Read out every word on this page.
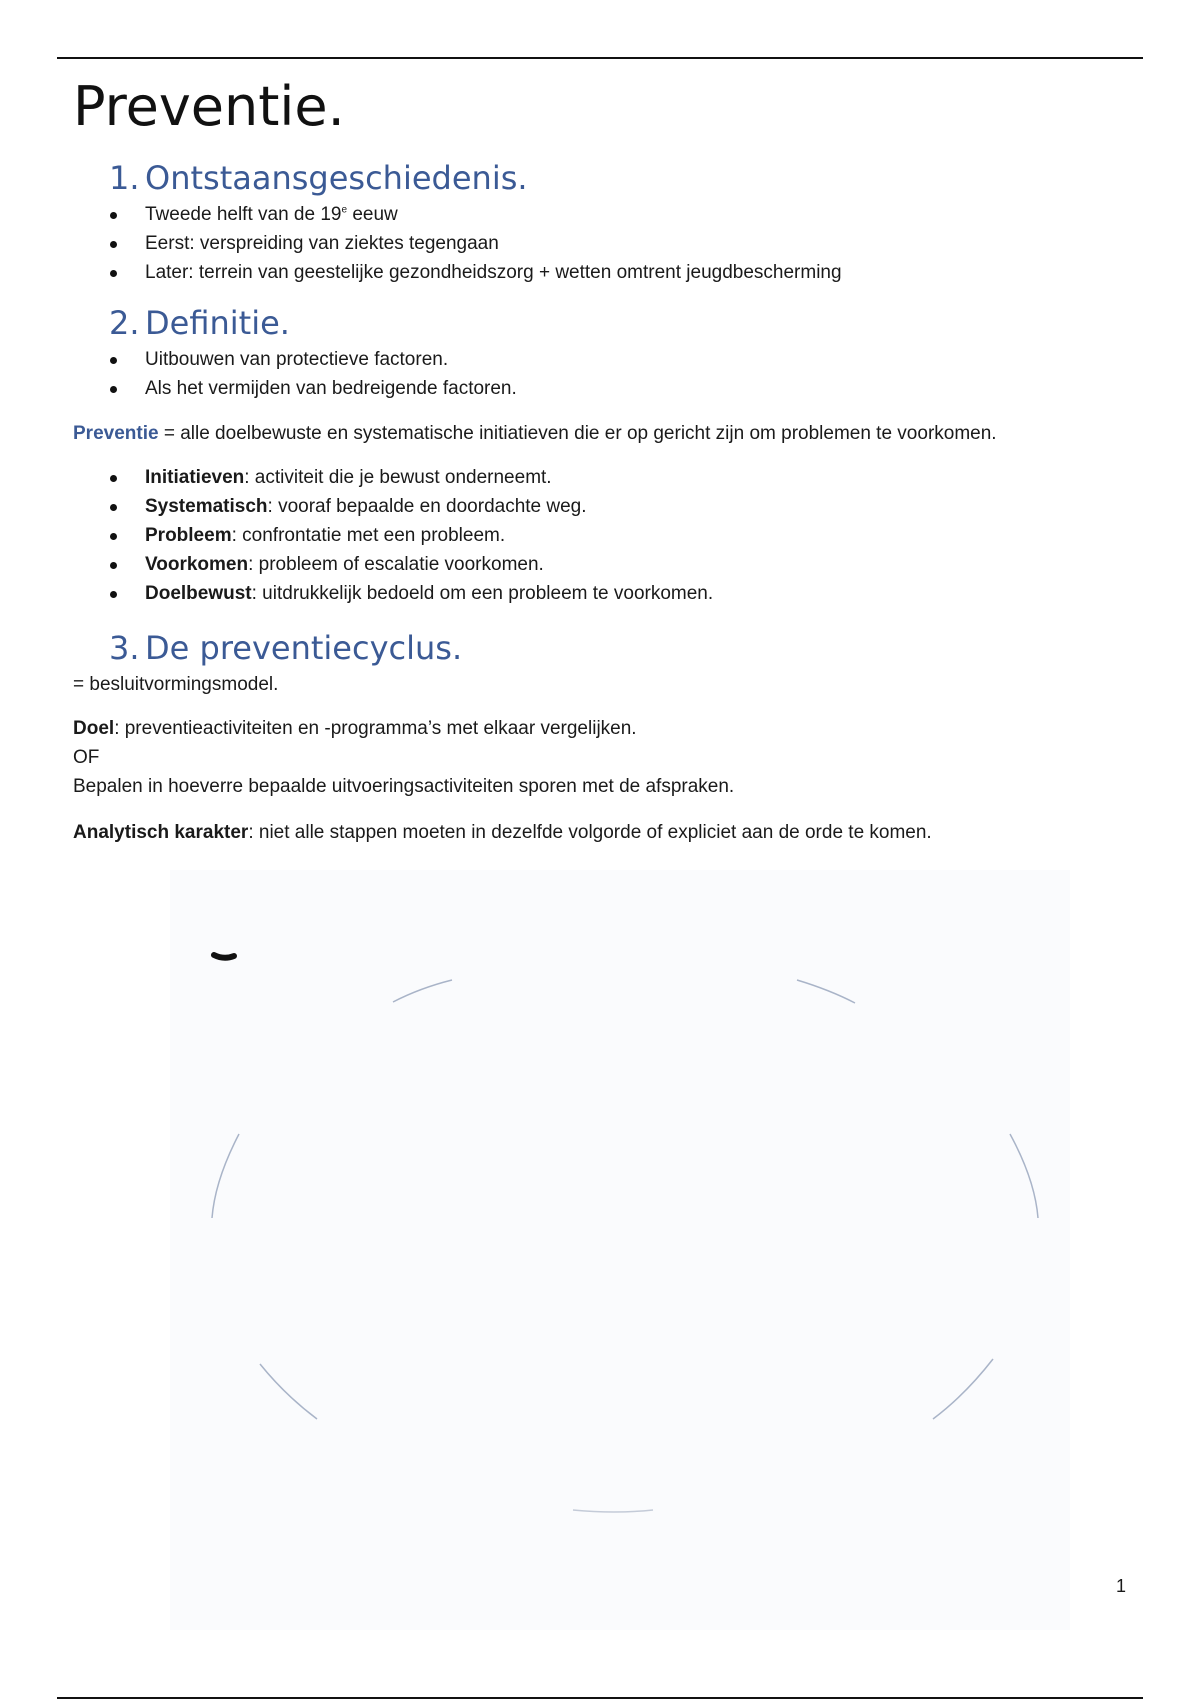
Preventie.
1. Ontstaansgeschiedenis.
Tweede helft van de 19e eeuw
Eerst: verspreiding van ziektes tegengaan
Later: terrein van geestelijke gezondheidszorg + wetten omtrent jeugdbescherming
2. Definitie.
Uitbouwen van protectieve factoren.
Als het vermijden van bedreigende factoren.

Preventie = alle doelbewuste en systematische initiatieven die er op gericht zijn om problemen te voorkomen.

Initiatieven: activiteit die je bewust onderneemt.
Systematisch: vooraf bepaalde en doordachte weg.
Probleem: confrontatie met een probleem.
Voorkomen: probleem of escalatie voorkomen.
Doelbewust: uitdrukkelijk bedoeld om een probleem te voorkomen.
3. De preventiecyclus.

= besluitvormingsmodel.

Doel: preventieactiviteiten en -programma’s met elkaar vergelijken.

OF

Bepalen in hoeverre bepaalde uitvoeringsactiviteiten sporen met de afspraken.

Analytisch karakter: niet alle stappen moeten in dezelfde volgorde of expliciet aan de orde te komen.

1
